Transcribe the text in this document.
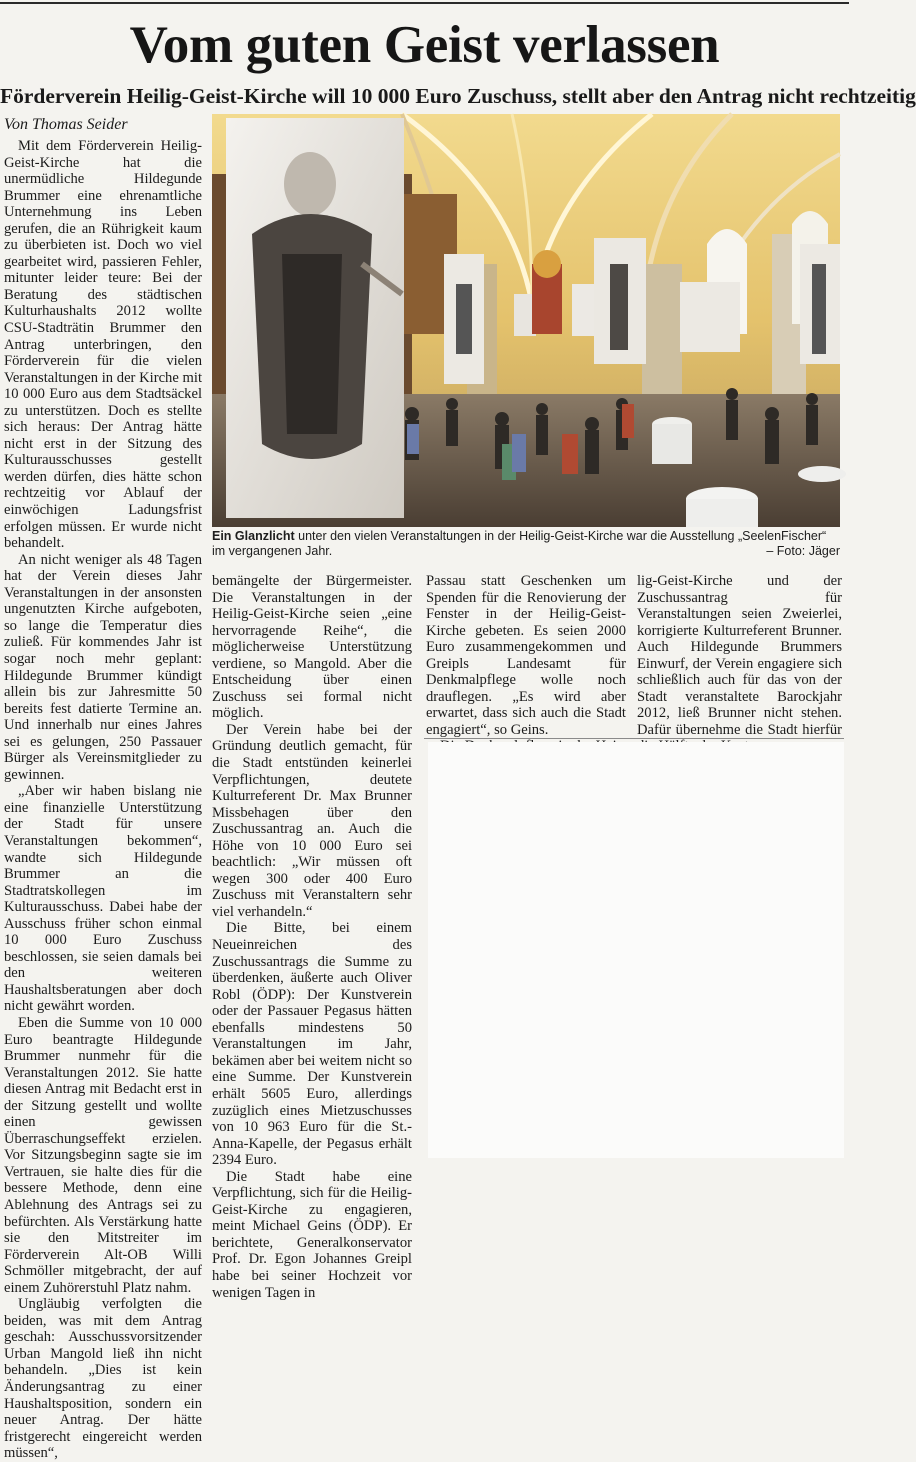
Vom guten Geist verlassen
Förderverein Heilig-Geist-Kirche will 10 000 Euro Zuschuss, stellt aber den Antrag nicht rechtzeitig
Von Thomas Seider

Mit dem Förderverein Heilig-Geist-Kirche hat die unermüdliche Hildegunde Brummer eine ehrenamtliche Unternehmung ins Leben gerufen, die an Rührigkeit kaum zu überbieten ist. Doch wo viel gearbeitet wird, passieren Fehler, mitunter leider teure: Bei der Beratung des städtischen Kulturhaushalts 2012 wollte CSU-Stadträtin Brummer den Antrag unterbringen, den Förderverein für die vielen Veranstaltungen in der Kirche mit 10 000 Euro aus dem Stadtsäckel zu unterstützen. Doch es stellte sich heraus: Der Antrag hätte nicht erst in der Sitzung des Kulturausschusses gestellt werden dürfen, dies hätte schon rechtzeitig vor Ablauf der einwöchigen Ladungsfrist erfolgen müssen. Er wurde nicht behandelt.

An nicht weniger als 48 Tagen hat der Verein dieses Jahr Veranstaltungen in der ansonsten ungenutzten Kirche aufgeboten, so lange die Temperatur dies zuließ. Für kommendes Jahr ist sogar noch mehr geplant: Hildegunde Brummer kündigt allein bis zur Jahresmitte 50 bereits fest datierte Termine an. Und innerhalb nur eines Jahres sei es gelungen, 250 Passauer Bürger als Vereinsmitglieder zu gewinnen.

„Aber wir haben bislang nie eine finanzielle Unterstützung der Stadt für unsere Veranstaltungen bekommen“, wandte sich Hildegunde Brummer an die Stadtratskollegen im Kulturausschuss. Dabei habe der Ausschuss früher schon einmal 10 000 Euro Zuschuss beschlossen, sie seien damals bei den weiteren Haushaltsberatungen aber doch nicht gewährt worden.

Eben die Summe von 10 000 Euro beantragte Hildegunde Brummer nunmehr für die Veranstaltungen 2012. Sie hatte diesen Antrag mit Bedacht erst in der Sitzung gestellt und wollte einen gewissen Überraschungseffekt erzielen. Vor Sitzungsbeginn sagte sie im Vertrauen, sie halte dies für die bessere Methode, denn eine Ablehnung des Antrags sei zu befürchten. Als Verstärkung hatte sie den Mitstreiter im Förderverein Alt-OB Willi Schmöller mitgebracht, der auf einem Zuhörerstuhl Platz nahm.

Ungläubig verfolgten die beiden, was mit dem Antrag geschah: Ausschussvorsitzender Urban Mangold ließ ihn nicht behandeln. „Dies ist kein Änderungsantrag zu einer Haushaltsposition, sondern ein neuer Antrag. Der hätte fristgerecht eingereicht werden müssen“,

Ein Glanzlicht unter den vielen Veranstaltungen in der Heilig-Geist-Kirche war die Ausstellung „SeelenFischer“
im vergangenen Jahr.	– Foto: Jäger

bemängelte der Bürgermeister. Die Veranstaltungen in der Heilig-Geist-Kirche seien „eine hervorragende Reihe“, die möglicherweise Unterstützung verdiene, so Mangold. Aber die Entscheidung über einen Zuschuss sei formal nicht möglich.

Der Verein habe bei der Gründung deutlich gemacht, für die Stadt entstünden keinerlei Verpflichtungen, deutete Kulturreferent Dr. Max Brunner Missbehagen über den Zuschussantrag an. Auch die Höhe von 10 000 Euro sei beachtlich: „Wir müssen oft wegen 300 oder 400 Euro Zuschuss mit Veranstaltern sehr viel verhandeln.“

Die Bitte, bei einem Neueinreichen des Zuschussantrags die Summe zu überdenken, äußerte auch Oliver Robl (ÖDP): Der Kunstverein oder der Passauer Pegasus hätten ebenfalls mindestens 50 Veranstaltungen im Jahr, bekämen aber bei weitem nicht so eine Summe. Der Kunstverein erhält 5605 Euro, allerdings zuzüglich eines Mietzuschusses von 10 963 Euro für die St.-Anna-Kapelle, der Pegasus erhält 2394 Euro.

Die Stadt habe eine Verpflichtung, sich für die Heilig-Geist-Kirche zu engagieren, meint Michael Geins (ÖDP). Er berichtete, Generalkonservator Prof. Dr. Egon Johannes Greipl habe bei seiner Hochzeit vor wenigen Tagen in

Passau statt Geschenken um Spenden für die Renovierung der Fenster in der Heilig-Geist-Kirche gebeten. Es seien 2000 Euro zusammengekommen und Greipls Landesamt für Denkmalpflege wolle noch drauflegen. „Es wird aber erwartet, dass sich auch die Stadt engagiert“, so Geins.

lig-Geist-Kirche und der Zuschussantrag für Veranstaltungen seien Zweierlei, korrigierte Kulturreferent Brunner. Auch Hildegunde Brummers Einwurf, der Verein engagiere sich schließlich auch für das von der Stadt veranstaltete Barockjahr 2012, ließ Brunner nicht stehen. Dafür übernehme die Stadt hierfür
